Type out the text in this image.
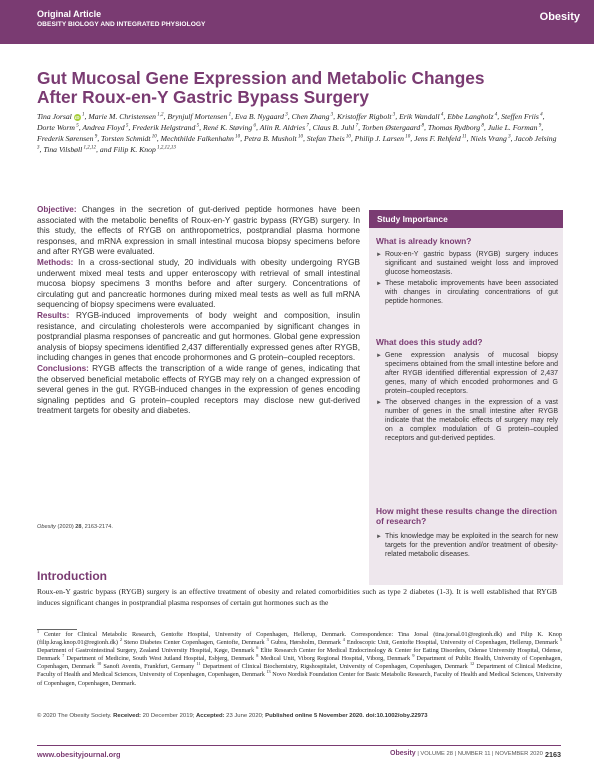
Original Article
OBESITY BIOLOGY AND INTEGRATED PHYSIOLOGY
Obesity
Gut Mucosal Gene Expression and Metabolic Changes After Roux-en-Y Gastric Bypass Surgery
Tina Jorsal iD $^1$, Marie M. Christensen $^{1,2}$, Brynjulf Mortensen $^1$, Eva B. Nygaard $^3$, Chen Zhang $^3$, Kristoffer Rigbolt $^3$, Erik Wandall $^4$, Ebbe Langholz $^4$, Steffen Friis $^4$, Dorte Worm $^5$, Andrea Floyd $^5$, Frederik Helgstrand $^5$, René K. Støving $^6$, Alin R. Aldries $^7$, Claus B. Juhl $^7$, Torben Østergaard $^8$, Thomas Rydborg $^8$, Julie L. Forman $^9$, Frederik Sørensen $^9$, Torsten Schmidt $^{10}$, Mechthilde Falkenhahn $^{10}$, Petra B. Musholt $^{10}$, Stefan Theis $^{10}$, Philip J. Larsen $^{10}$, Jens F. Rehfeld $^{11}$, Niels Vrang $^3$, Jacob Jelsing $^3$, Tina Vilsbøll $^{1,2,12}$, and Filip K. Knop $^{1,2,12,13}$

Objective: Changes in the secretion of gut-derived peptide hormones have been associated with the metabolic benefits of Roux-en-Y gastric bypass (RYGB) surgery. In this study, the effects of RYGB on anthropometrics, postprandial plasma hormone responses, and mRNA expression in small intestinal mucosa biopsy specimens before and after RYGB were evaluated.

Methods: In a cross-sectional study, 20 individuals with obesity undergoing RYGB underwent mixed meal tests and upper enteroscopy with retrieval of small intestinal mucosa biopsy specimens 3 months before and after surgery. Concentrations of circulating gut and pancreatic hormones during mixed meal tests as well as full mRNA sequencing of biopsy specimens were evaluated.

Results: RYGB-induced improvements of body weight and composition, insulin resistance, and circulating cholesterols were accompanied by significant changes in postprandial plasma responses of pancreatic and gut hormones. Global gene expression analysis of biopsy specimens identified 2,437 differentially expressed genes after RYGB, including changes in genes that encode prohormones and G protein–coupled receptors.

Conclusions: RYGB affects the transcription of a wide range of genes, indicating that the observed beneficial metabolic effects of RYGB may rely on a changed expression of several genes in the gut. RYGB-induced changes in the expression of genes encoding signaling peptides and G protein–coupled receptors may disclose new gut-derived treatment targets for obesity and diabetes.

Obesity (2020) 28, 2163-2174.
Study Importance
What is already known?
► Roux-en-Y gastric bypass (RYGB) surgery induces significant and sustained weight loss and improved glucose homeostasis.
► These metabolic improvements have been associated with changes in circulating concentrations of gut peptide hormones.
What does this study add?
► Gene expression analysis of mucosal biopsy specimens obtained from the small intestine before and after RYGB identified differential expression of 2,437 genes, many of which encoded prohormones and G protein–coupled receptors.
► The observed changes in the expression of a vast number of genes in the small intestine after RYGB indicate that the metabolic effects of surgery may rely on a complex modulation of G protein–coupled receptors and gut-derived peptides.
How might these results change the direction of research?
► This knowledge may be exploited in the search for new targets for the prevention and/or treatment of obesity-related metabolic diseases.
Introduction

Roux-en-Y gastric bypass (RYGB) surgery is an effective treatment of obesity and related comorbidities such as type 2 diabetes (1-3). It is well established that RYGB induces significant changes in postprandial plasma responses of certain gut hormones such as the

$^1$ Center for Clinical Metabolic Research, Gentofte Hospital, University of Copenhagen, Hellerup, Denmark. Correspondence: Tina Jorsal (tina.jorsal.01@regionh.dk) and Filip K. Knop (filip.krag.knop.01@regionh.dk) $^2$ Steno Diabetes Center Copenhagen, Gentofte, Denmark $^3$ Gubra, Hørsholm, Denmark $^4$ Endoscopic Unit, Gentofte Hospital, University of Copenhagen, Hellerup, Denmark $^5$ Department of Gastrointestinal Surgery, Zealand University Hospital, Køge, Denmark $^6$ Elite Research Center for Medical Endocrinology & Center for Eating Disorders, Odense University Hospital, Odense, Denmark $^7$ Department of Medicine, South West Jutland Hospital, Esbjerg, Denmark $^8$ Medical Unit, Viborg Regional Hospital, Viborg, Denmark $^9$ Department of Public Health, University of Copenhagen, Copenhagen, Denmark $^{10}$ Sanofi Aventis, Frankfurt, Germany $^{11}$ Department of Clinical Biochemistry, Rigshospitalet, University of Copenhagen, Copenhagen, Denmark $^{12}$ Department of Clinical Medicine, Faculty of Health and Medical Sciences, University of Copenhagen, Copenhagen, Denmark $^{13}$ Novo Nordisk Foundation Center for Basic Metabolic Research, Faculty of Health and Medical Sciences, University of Copenhagen, Copenhagen, Denmark.
© 2020 The Obesity Society. Received: 20 December 2019; Accepted: 23 June 2020; Published online 5 November 2020. doi:10.1002/oby.22973
www.obesityjournal.org	Obesity | VOLUME 28 | NUMBER 11 | NOVEMBER 2020 2163
